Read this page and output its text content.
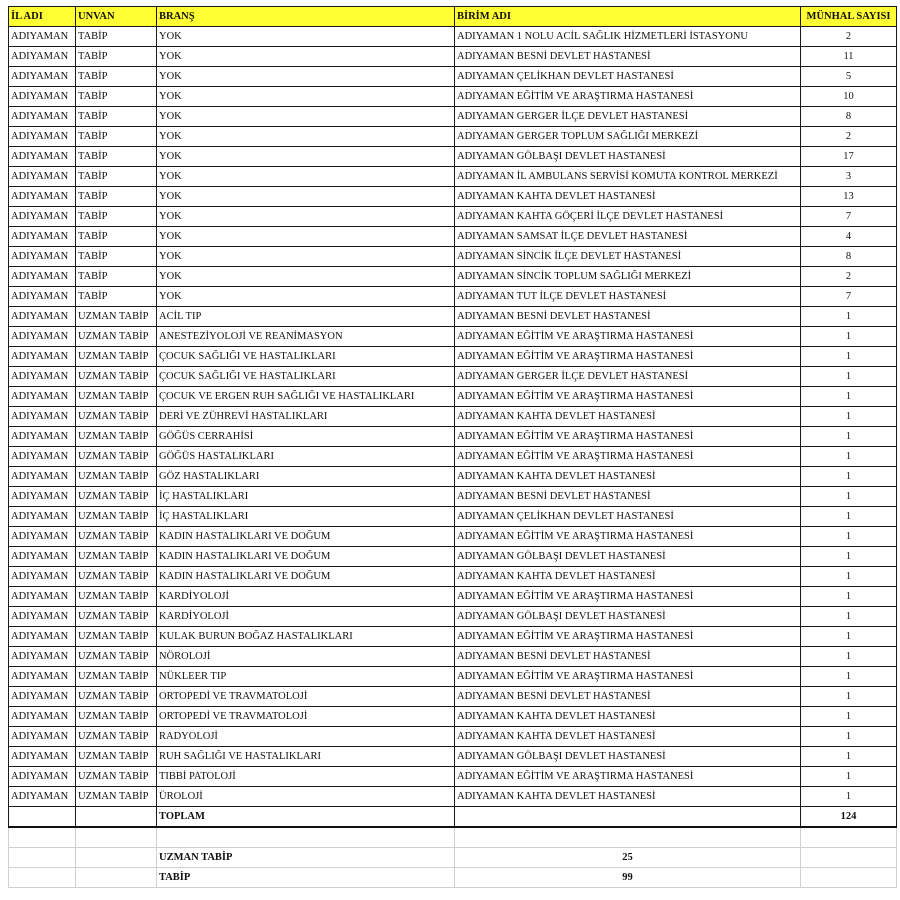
İL ADI	UNVAN	BRANŞ	BİRİM ADI	MÜNHAL SAYISI
ADIYAMAN	TABİP	YOK	ADIYAMAN 1 NOLU ACİL SAĞLIK HİZMETLERİ İSTASYONU	2
ADIYAMAN	TABİP	YOK	ADIYAMAN BESNİ DEVLET HASTANESİ	11
ADIYAMAN	TABİP	YOK	ADIYAMAN ÇELİKHAN DEVLET HASTANESİ	5
ADIYAMAN	TABİP	YOK	ADIYAMAN EĞİTİM VE ARAŞTIRMA HASTANESİ	10
ADIYAMAN	TABİP	YOK	ADIYAMAN GERGER İLÇE DEVLET HASTANESİ	8
ADIYAMAN	TABİP	YOK	ADIYAMAN GERGER TOPLUM SAĞLIĞI MERKEZİ	2
ADIYAMAN	TABİP	YOK	ADIYAMAN GÖLBAŞI DEVLET HASTANESİ	17
ADIYAMAN	TABİP	YOK	ADIYAMAN İL AMBULANS SERVİSİ KOMUTA KONTROL MERKEZİ	3
ADIYAMAN	TABİP	YOK	ADIYAMAN KAHTA DEVLET HASTANESİ	13
ADIYAMAN	TABİP	YOK	ADIYAMAN KAHTA GÖÇERİ İLÇE DEVLET HASTANESİ	7
ADIYAMAN	TABİP	YOK	ADIYAMAN SAMSAT İLÇE DEVLET HASTANESİ	4
ADIYAMAN	TABİP	YOK	ADIYAMAN SİNCİK İLÇE DEVLET HASTANESİ	8
ADIYAMAN	TABİP	YOK	ADIYAMAN SİNCİK TOPLUM SAĞLIĞI MERKEZİ	2
ADIYAMAN	TABİP	YOK	ADIYAMAN TUT İLÇE DEVLET HASTANESİ	7
ADIYAMAN	UZMAN TABİP	ACİL TIP	ADIYAMAN BESNİ DEVLET HASTANESİ	1
ADIYAMAN	UZMAN TABİP	ANESTEZİYOLOJİ VE REANİMASYON	ADIYAMAN EĞİTİM VE ARAŞTIRMA HASTANESİ	1
ADIYAMAN	UZMAN TABİP	ÇOCUK SAĞLIĞI VE HASTALIKLARI	ADIYAMAN EĞİTİM VE ARAŞTIRMA HASTANESİ	1
ADIYAMAN	UZMAN TABİP	ÇOCUK SAĞLIĞI VE HASTALIKLARI	ADIYAMAN GERGER İLÇE DEVLET HASTANESİ	1
ADIYAMAN	UZMAN TABİP	ÇOCUK VE ERGEN RUH SAĞLIĞI VE HASTALIKLARI	ADIYAMAN EĞİTİM VE ARAŞTIRMA HASTANESİ	1
ADIYAMAN	UZMAN TABİP	DERİ VE ZÜHREVİ HASTALIKLARI	ADIYAMAN KAHTA DEVLET HASTANESİ	1
ADIYAMAN	UZMAN TABİP	GÖĞÜS CERRAHİSİ	ADIYAMAN EĞİTİM VE ARAŞTIRMA HASTANESİ	1
ADIYAMAN	UZMAN TABİP	GÖĞÜS HASTALIKLARI	ADIYAMAN EĞİTİM VE ARAŞTIRMA HASTANESİ	1
ADIYAMAN	UZMAN TABİP	GÖZ HASTALIKLARI	ADIYAMAN KAHTA DEVLET HASTANESİ	1
ADIYAMAN	UZMAN TABİP	İÇ HASTALIKLARI	ADIYAMAN BESNİ DEVLET HASTANESİ	1
ADIYAMAN	UZMAN TABİP	İÇ HASTALIKLARI	ADIYAMAN ÇELİKHAN DEVLET HASTANESİ	1
ADIYAMAN	UZMAN TABİP	KADIN HASTALIKLARI VE DOĞUM	ADIYAMAN EĞİTİM VE ARAŞTIRMA HASTANESİ	1
ADIYAMAN	UZMAN TABİP	KADIN HASTALIKLARI VE DOĞUM	ADIYAMAN GÖLBAŞI DEVLET HASTANESİ	1
ADIYAMAN	UZMAN TABİP	KADIN HASTALIKLARI VE DOĞUM	ADIYAMAN KAHTA DEVLET HASTANESİ	1
ADIYAMAN	UZMAN TABİP	KARDİYOLOJİ	ADIYAMAN EĞİTİM VE ARAŞTIRMA HASTANESİ	1
ADIYAMAN	UZMAN TABİP	KARDİYOLOJİ	ADIYAMAN GÖLBAŞI DEVLET HASTANESİ	1
ADIYAMAN	UZMAN TABİP	KULAK BURUN BOĞAZ HASTALIKLARI	ADIYAMAN EĞİTİM VE ARAŞTIRMA HASTANESİ	1
ADIYAMAN	UZMAN TABİP	NÖROLOJİ	ADIYAMAN BESNİ DEVLET HASTANESİ	1
ADIYAMAN	UZMAN TABİP	NÜKLEER TIP	ADIYAMAN EĞİTİM VE ARAŞTIRMA HASTANESİ	1
ADIYAMAN	UZMAN TABİP	ORTOPEDİ VE TRAVMATOLOJİ	ADIYAMAN BESNİ DEVLET HASTANESİ	1
ADIYAMAN	UZMAN TABİP	ORTOPEDİ VE TRAVMATOLOJİ	ADIYAMAN KAHTA DEVLET HASTANESİ	1
ADIYAMAN	UZMAN TABİP	RADYOLOJİ	ADIYAMAN KAHTA DEVLET HASTANESİ	1
ADIYAMAN	UZMAN TABİP	RUH SAĞLIĞI VE HASTALIKLARI	ADIYAMAN GÖLBAŞI DEVLET HASTANESİ	1
ADIYAMAN	UZMAN TABİP	TIBBİ PATOLOJİ	ADIYAMAN EĞİTİM VE ARAŞTIRMA HASTANESİ	1
ADIYAMAN	UZMAN TABİP	ÜROLOJİ	ADIYAMAN KAHTA DEVLET HASTANESİ	1
		TOPLAM		124

		UZMAN TABİP	25	
		TABİP	99	
